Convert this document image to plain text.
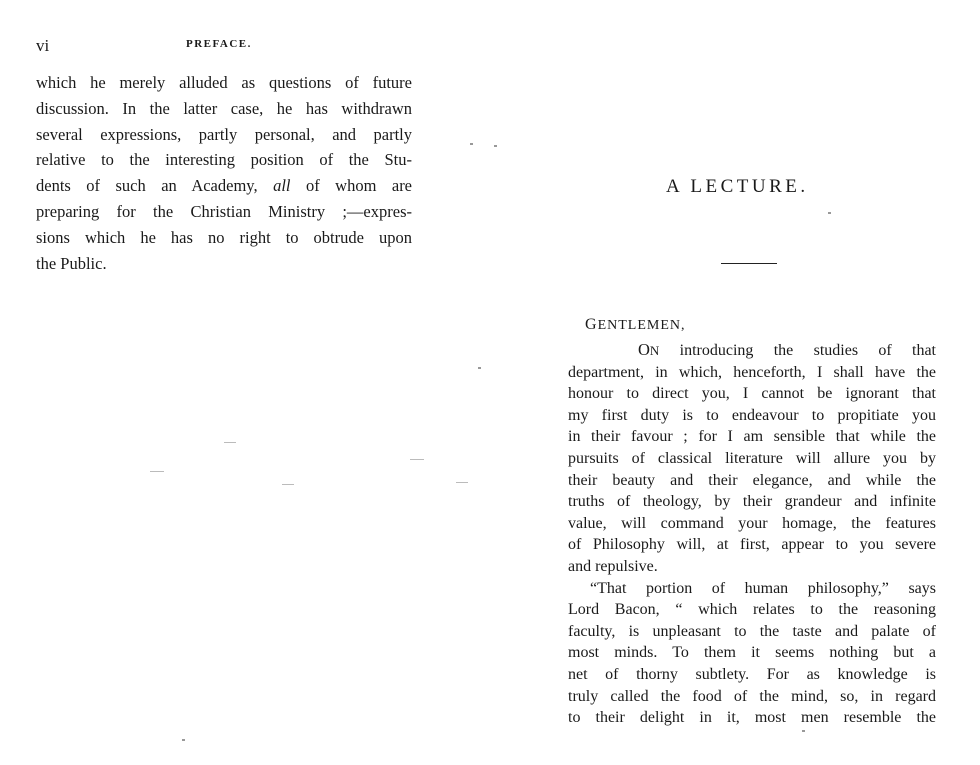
vi	PREFACE.
which he merely alluded as questions of future
discussion. In the latter case, he has withdrawn
several expressions, partly personal, and partly
relative to the interesting position of the Stu-
dents of such an Academy, all of whom are
preparing for the Christian Ministry ;—expres-
sions which he has no right to obtrude upon
the Public.
A LECTURE.
GENTLEMEN,
ON introducing the studies of that
department, in which, henceforth, I shall have the
honour to direct you, I cannot be ignorant that
my first duty is to endeavour to propitiate you
in their favour ; for I am sensible that while the
pursuits of classical literature will allure you by
their beauty and their elegance, and while the
truths of theology, by their grandeur and infinite
value, will command your homage, the features
of Philosophy will, at first, appear to you severe
and repulsive.
“That portion of human philosophy,” says
Lord Bacon, “ which relates to the reasoning
faculty, is unpleasant to the taste and palate of
most minds. To them it seems nothing but a
net of thorny subtlety. For as knowledge is
truly called the food of the mind, so, in regard
to their delight in it, most men resemble the
